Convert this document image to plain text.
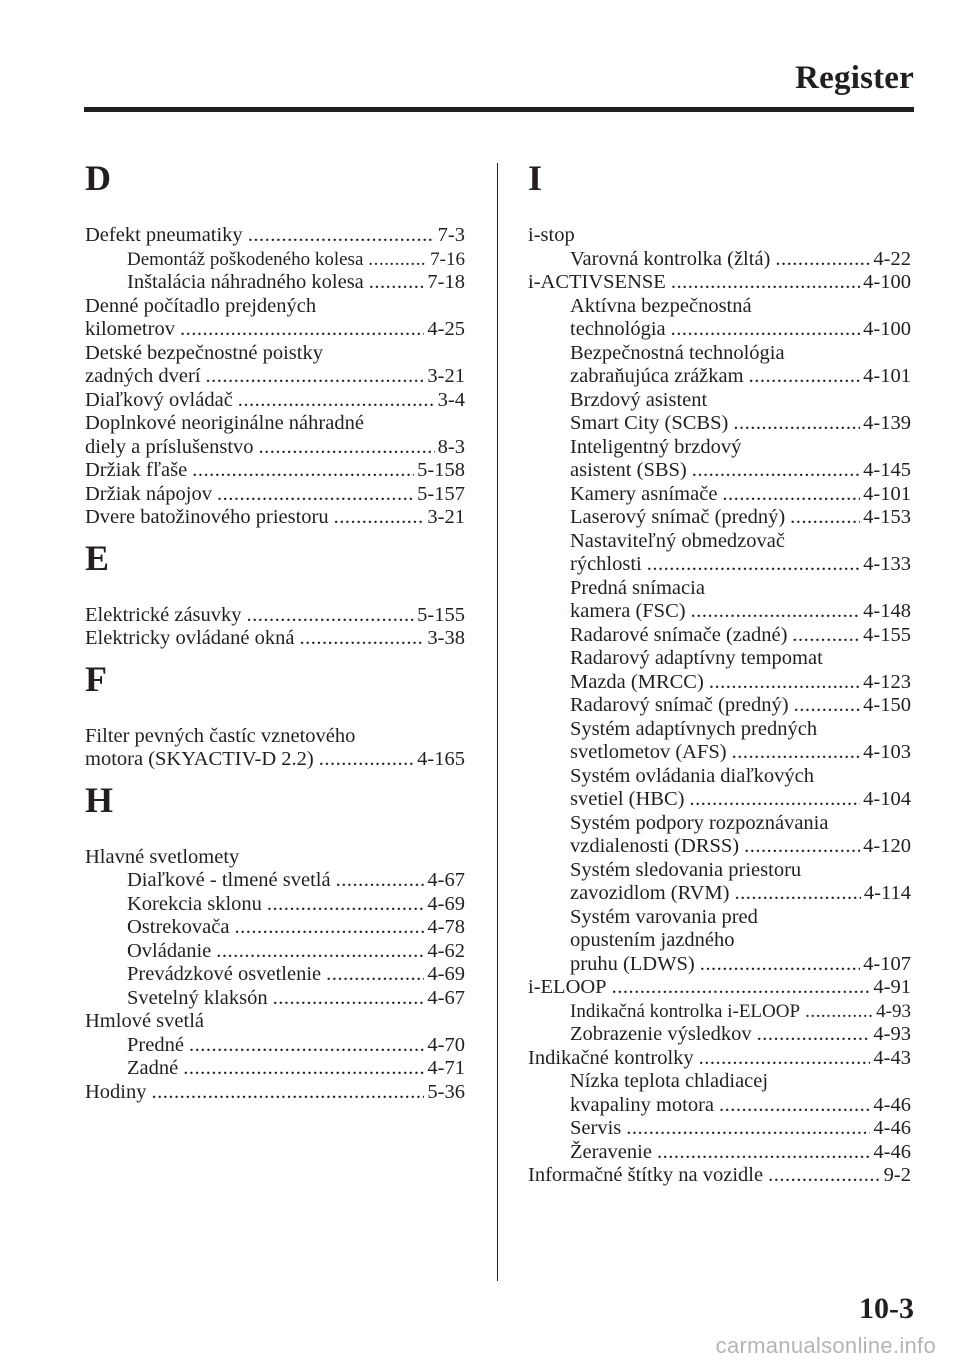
Register
D
Defekt pneumatiky .....	7-3
Demontáž poškodeného kolesa .....	7-16
Inštalácia náhradného kolesa .....	7-18
Denné počítadlo prejdených
kilometrov .....	4-25
Detské bezpečnostné poistky
zadných dverí .....	3-21
Diaľkový ovládač .....	3-4
Doplnkové neoriginálne náhradné
diely a príslušenstvo .....	8-3
Držiak fľaše .....	5-158
Držiak nápojov .....	5-157
Dvere batožinového priestoru .....	3-21
E
Elektrické zásuvky .....	5-155
Elektricky ovládané okná .....	3-38
F
Filter pevných častíc vznetového
motora (SKYACTIV-D 2.2) .....	4-165
H
Hlavné svetlomety
Diaľkové - tlmené svetlá .....	4-67
Korekcia sklonu .....	4-69
Ostrekovača .....	4-78
Ovládanie .....	4-62
Prevádzkové osvetlenie .....	4-69
Svetelný klaksón .....	4-67
Hmlové svetlá
Predné .....	4-70
Zadné .....	4-71
Hodiny .....	5-36
I
i-stop
Varovná kontrolka (žltá) .....	4-22
i-ACTIVSENSE .....	4-100
Aktívna bezpečnostná
technológia .....	4-100
Bezpečnostná technológia
zabraňujúca zrážkam .....	4-101
Brzdový asistent
Smart City (SCBS) .....	4-139
Inteligentný brzdový
asistent (SBS) .....	4-145
Kamery asnímače .....	4-101
Laserový snímač (predný) .....	4-153
Nastaviteľný obmedzovač
rýchlosti .....	4-133
Predná snímacia
kamera (FSC) .....	4-148
Radarové snímače (zadné) .....	4-155
Radarový adaptívny tempomat
Mazda (MRCC) .....	4-123
Radarový snímač (predný) .....	4-150
Systém adaptívnych predných
svetlometov (AFS) .....	4-103
Systém ovládania diaľkových
svetiel (HBC) .....	4-104
Systém podpory rozpoznávania
vzdialenosti (DRSS) .....	4-120
Systém sledovania priestoru
zavozidlom (RVM) .....	4-114
Systém varovania pred
opustením jazdného
pruhu (LDWS) .....	4-107
i-ELOOP .....	4-91
Indikačná kontrolka i-ELOOP .....	4-93
Zobrazenie výsledkov .....	4-93
Indikačné kontrolky .....	4-43
Nízka teplota chladiacej
kvapaliny motora .....	4-46
Servis .....	4-46
Žeravenie .....	4-46
Informačné štítky na vozidle .....	9-2
10-3
carmanualsonline.info
